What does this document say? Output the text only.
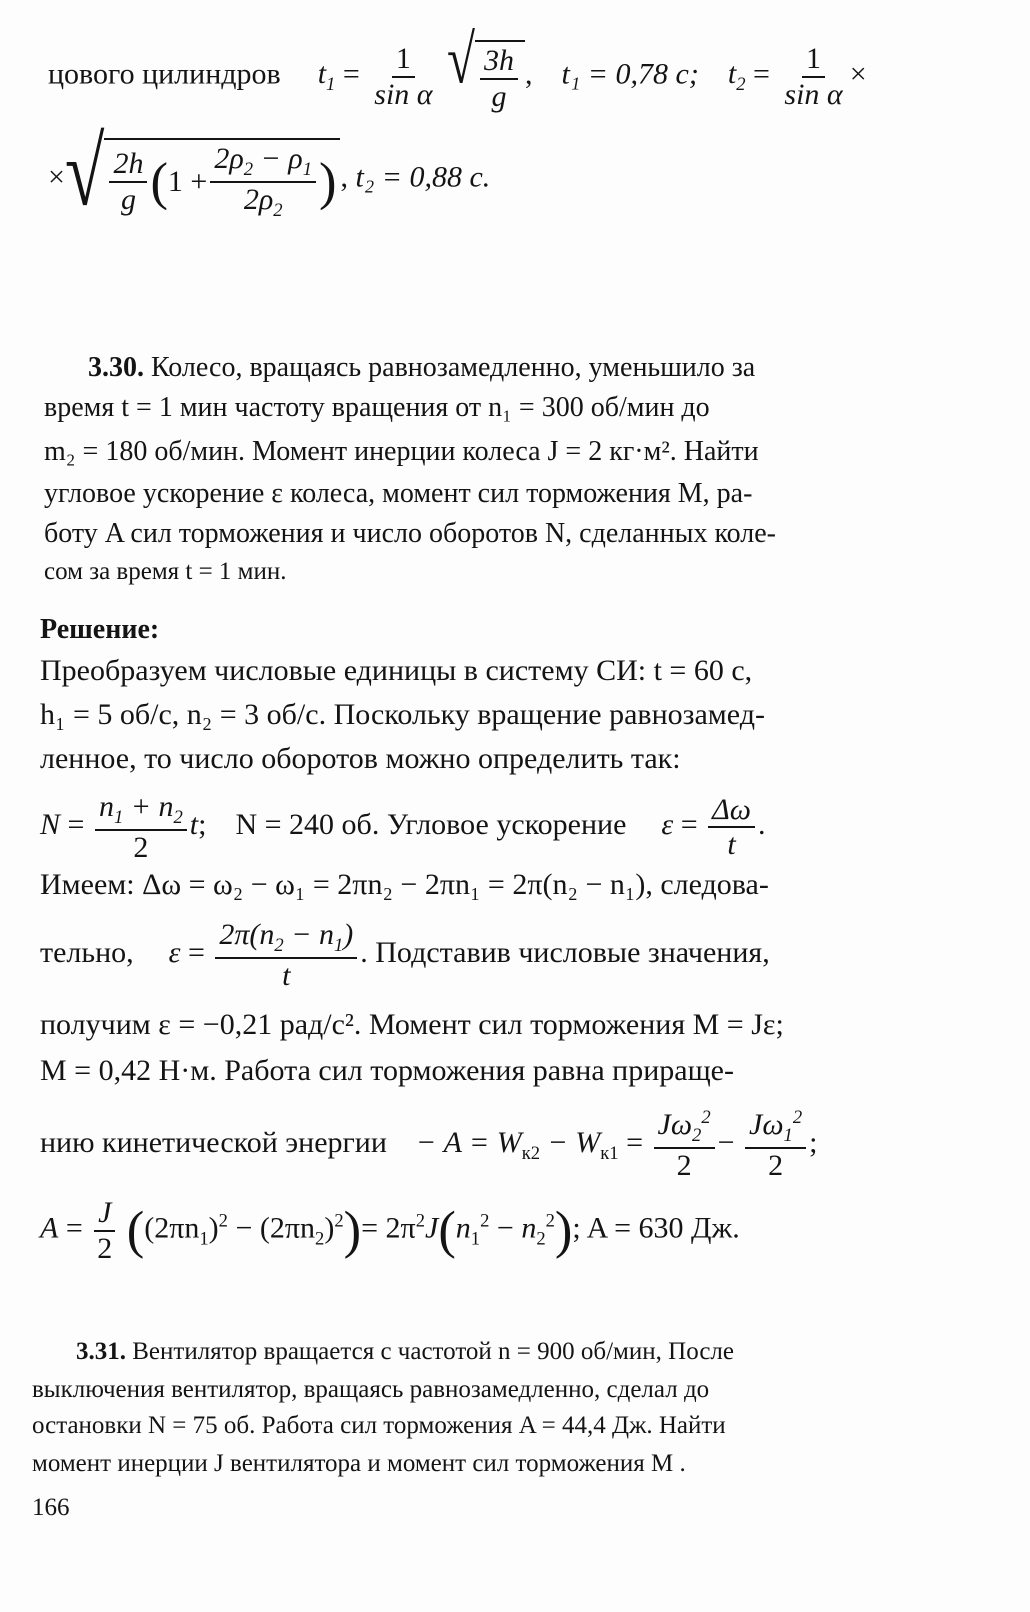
цового цилиндров $t_1 = \frac{1}{\text{sin α}}$
√ $\frac{3h}{g}$ ,  t₁ = 0,78 с; $t_2 = \frac{1}{\text{sin α}}$ ×
× √ $\frac{2h}{g}$ ( $1 + \frac{2\rho_2 - \rho_1}{2\rho_2}$ ) , t₂ = 0,88 с.
3.30. Колесо, вращаясь равнозамедленно, уменьшило за
время t = 1 мин частоту вращения от n₁ = 300 об/мин до
m₂ = 180 об/мин. Момент инерции колеса J = 2 кг·м². Найти
угловое ускорение ε колеса, момент сил торможения M, ра-
боту A сил торможения и число оборотов N, сделанных коле-
сом за время t = 1 мин.
Решение:
Преобразуем числовые единицы в систему СИ: t = 60 с,
h₁ = 5 об/с, n₂ = 3 об/с. Поскольку вращение равнозамед-
ленное, то число оборотов можно определить так:
$N = \frac{n_1 + n_2}{2} t$;  N = 240 об. Угловое ускорение $\varepsilon = \frac{\Delta\omega}{t}$ .
Имеем: Δω = ω₂ − ω₁ = 2πn₂ − 2πn₁ = 2π(n₂ − n₁), следова-
тельно, $\varepsilon = \frac{2\pi(n_2 - n_1)}{t}$ . Подставив числовые значения,
получим ε = −0,21 рад/с². Момент сил торможения M = Jε;
M = 0,42 Н·м. Работа сил торможения равна прираще-
нию кинетической энергии − $A = W_{к2} - W_{к1} = \frac{J\omega_2^2}{2} - \frac{J\omega_1^2}{2}$ ;
$A = \frac{J}{2} ((2\pi n_1)^2 - (2\pi n_2)^2)= 2\pi^2J(n_1^2 - n_2^2)$; A = 630 Дж.
3.31. Вентилятор вращается с частотой n = 900 об/мин, После
выключения вентилятор, вращаясь равнозамедленно, сделал до
остановки N = 75 об. Работа сил торможения A = 44,4 Дж. Найти
момент инерции J вентилятора и момент сил торможения M .
166
